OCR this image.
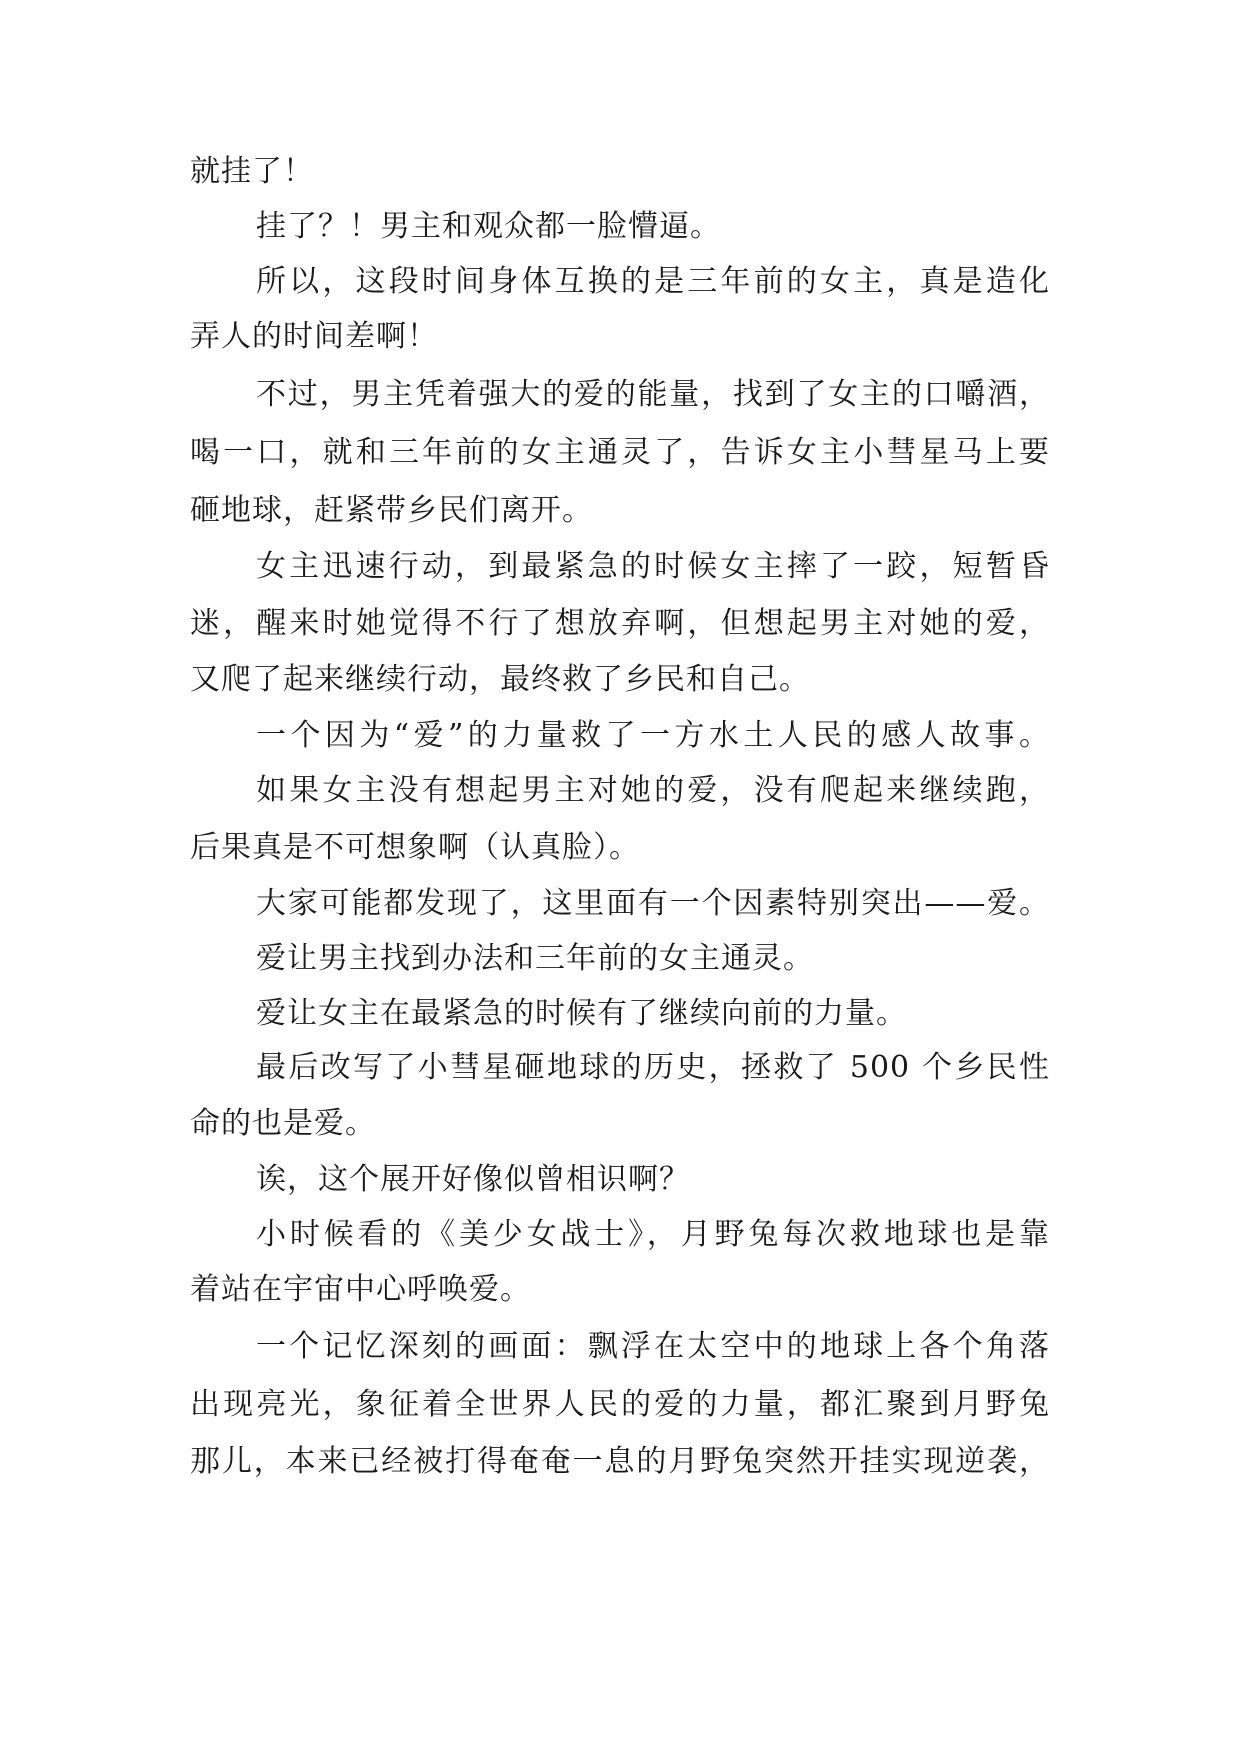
就挂了！
挂了？！男主和观众都一脸懵逼。
所以，这段时间身体互换的是三年前的女主，真是造化
弄人的时间差啊！
不过，男主凭着强大的爱的能量，找到了女主的口嚼酒，
喝一口，就和三年前的女主通灵了，告诉女主小彗星马上要
砸地球，赶紧带乡民们离开。
女主迅速行动，到最紧急的时候女主摔了一跤，短暂昏
迷，醒来时她觉得不行了想放弃啊，但想起男主对她的爱，
又爬了起来继续行动，最终救了乡民和自己。
一个因为“爱”的力量救了一方水土人民的感人故事。
如果女主没有想起男主对她的爱，没有爬起来继续跑，
后果真是不可想象啊（认真脸）。
大家可能都发现了，这里面有一个因素特别突出——爱。
爱让男主找到办法和三年前的女主通灵。
爱让女主在最紧急的时候有了继续向前的力量。
最后改写了小彗星砸地球的历史，拯救了 500 个乡民性
命的也是爱。
诶，这个展开好像似曾相识啊？
小时候看的《美少女战士》，月野兔每次救地球也是靠
着站在宇宙中心呼唤爱。
一个记忆深刻的画面：飘浮在太空中的地球上各个角落
出现亮光，象征着全世界人民的爱的力量，都汇聚到月野兔
那儿，本来已经被打得奄奄一息的月野兔突然开挂实现逆袭，
